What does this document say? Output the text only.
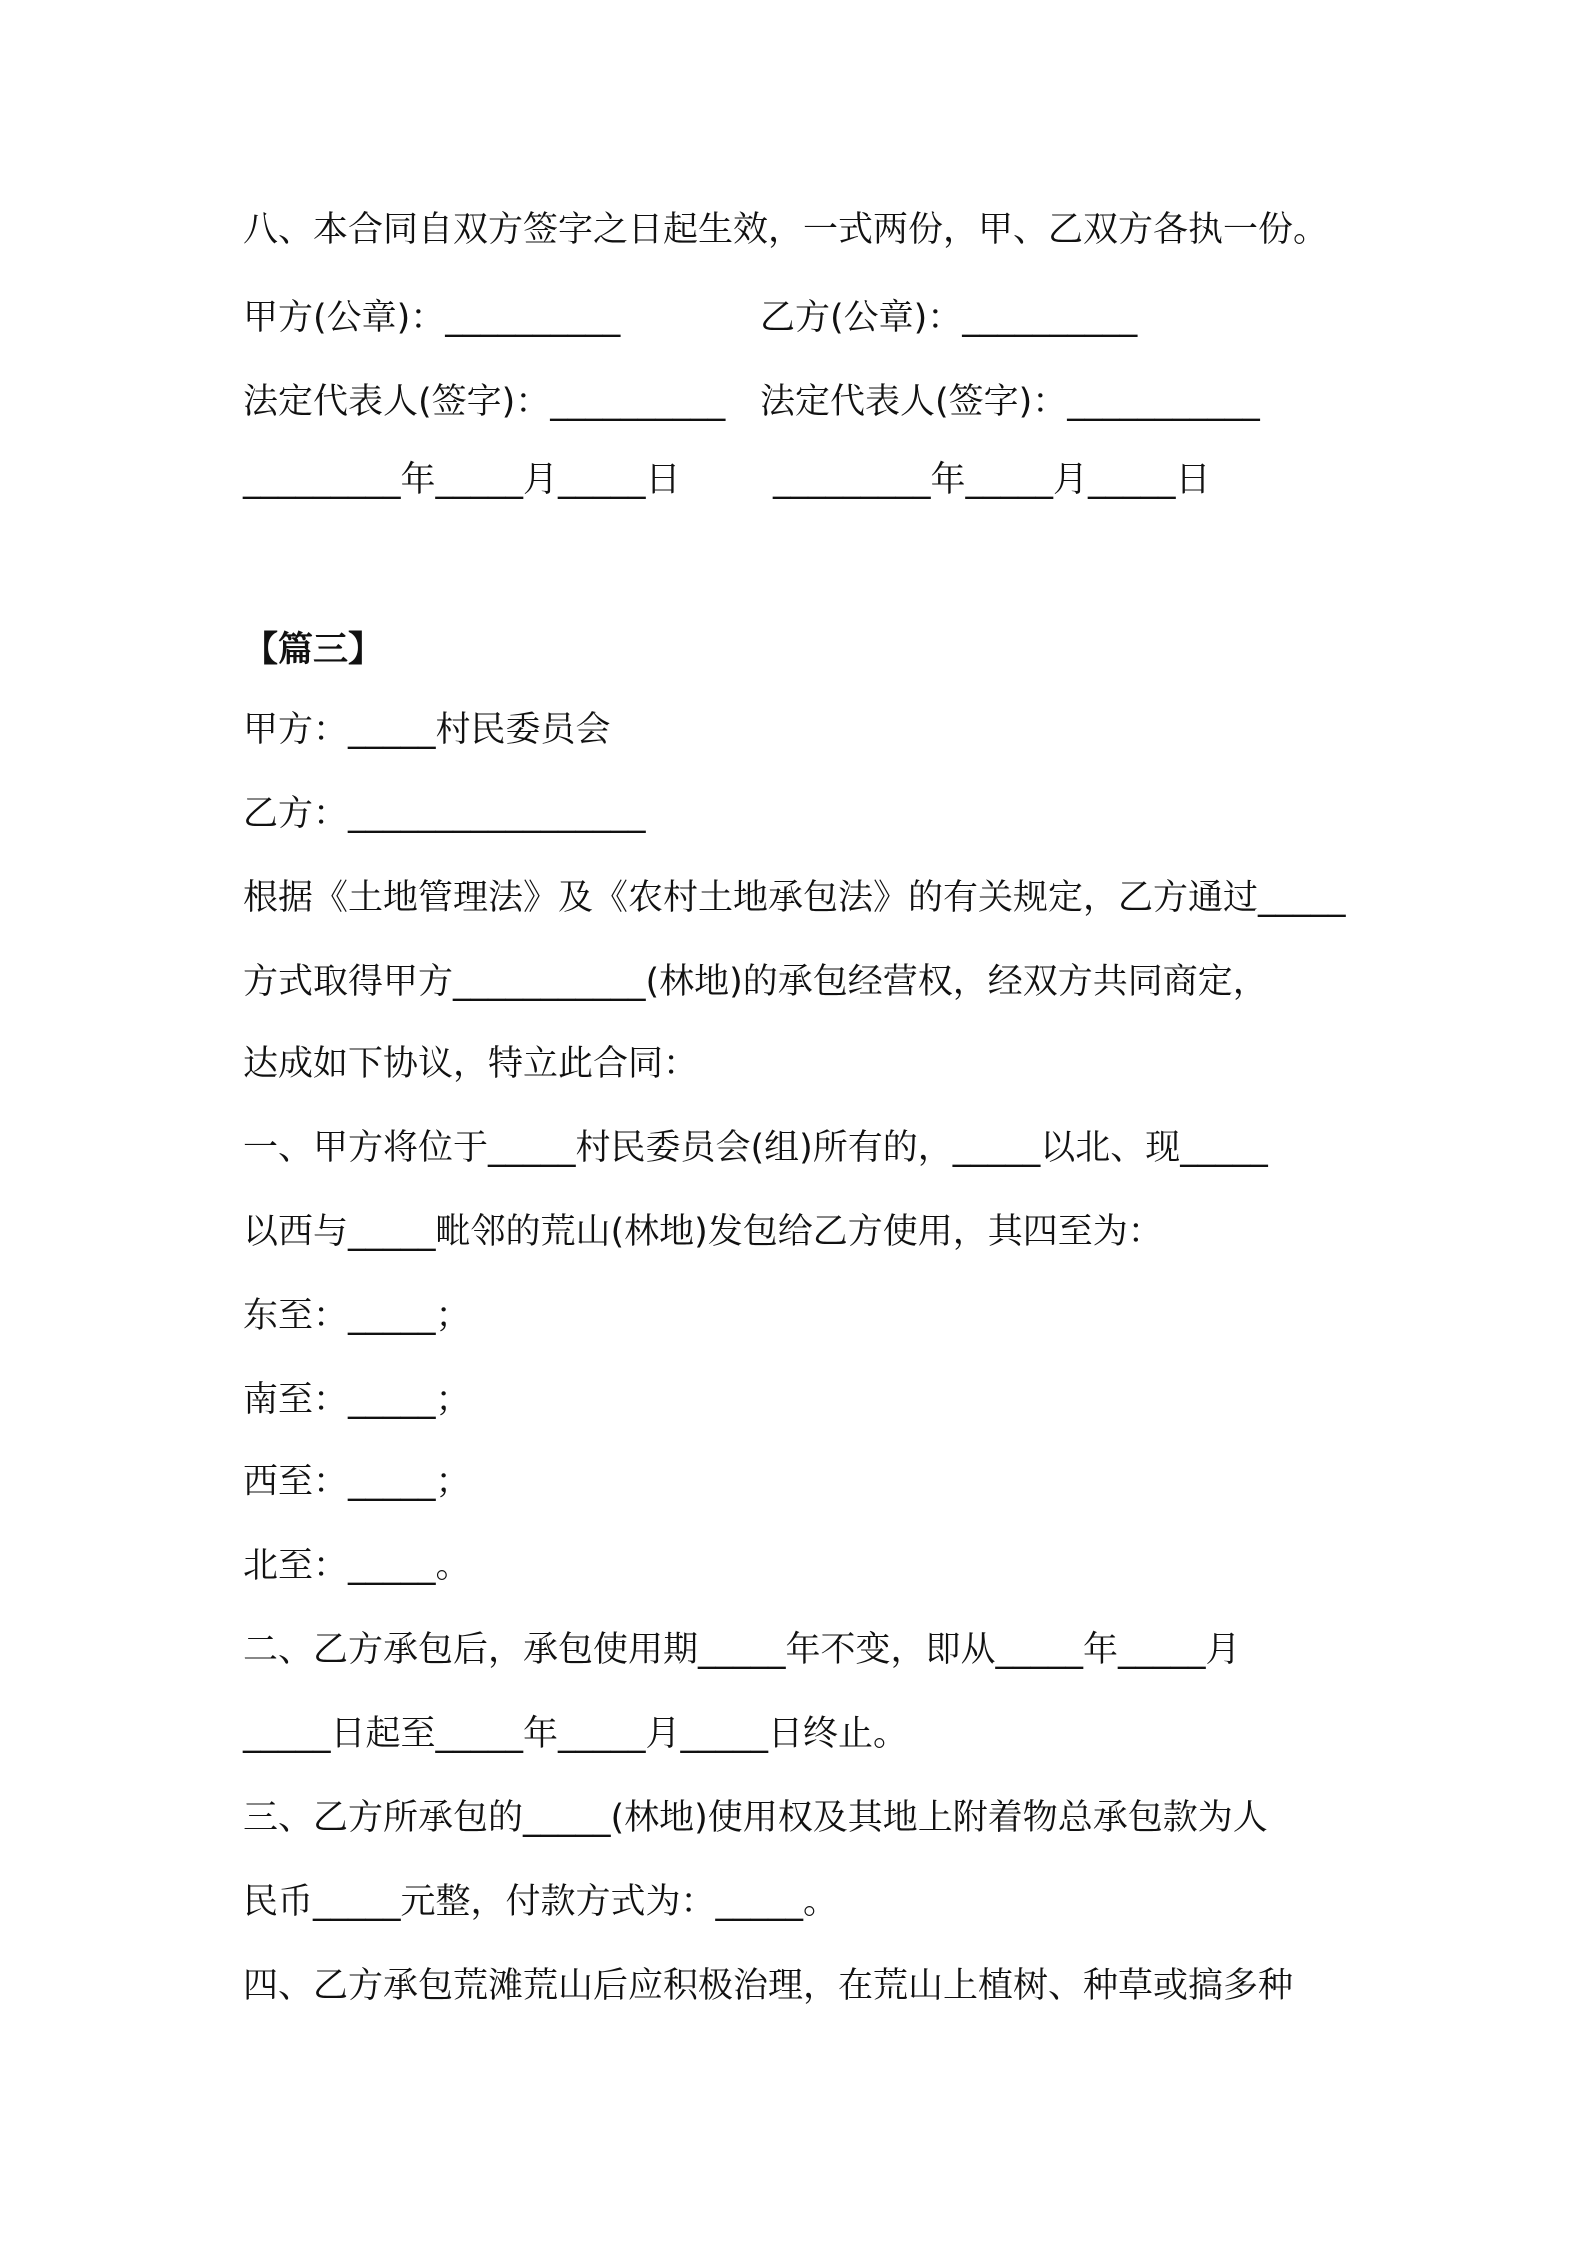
八、本合同自双方签字之日起生效，一式两份，甲、乙双方各执一份。

甲方(公章)：__________	乙方(公章)：__________

法定代表人(签字)：__________ 法定代表人(签字)：___________

_________年_____月_____日	_________年_____月_____日

【篇三】

甲方：_____村民委员会

乙方：_________________

根据《土地管理法》及《农村土地承包法》的有关规定，乙方通过_____

方式取得甲方___________(林地)的承包经营权，经双方共同商定，

达成如下协议，特立此合同：

一、甲方将位于_____村民委员会(组)所有的，_____以北、现_____

以西与_____毗邻的荒山(林地)发包给乙方使用，其四至为：

东至：_____；

南至：_____；

西至：_____；

北至：_____。

二、乙方承包后，承包使用期_____年不变，即从_____年_____月

_____日起至_____年_____月_____日终止。

三、乙方所承包的_____(林地)使用权及其地上附着物总承包款为人

民币_____元整，付款方式为：_____。

四、乙方承包荒滩荒山后应积极治理，在荒山上植树、种草或搞多种
